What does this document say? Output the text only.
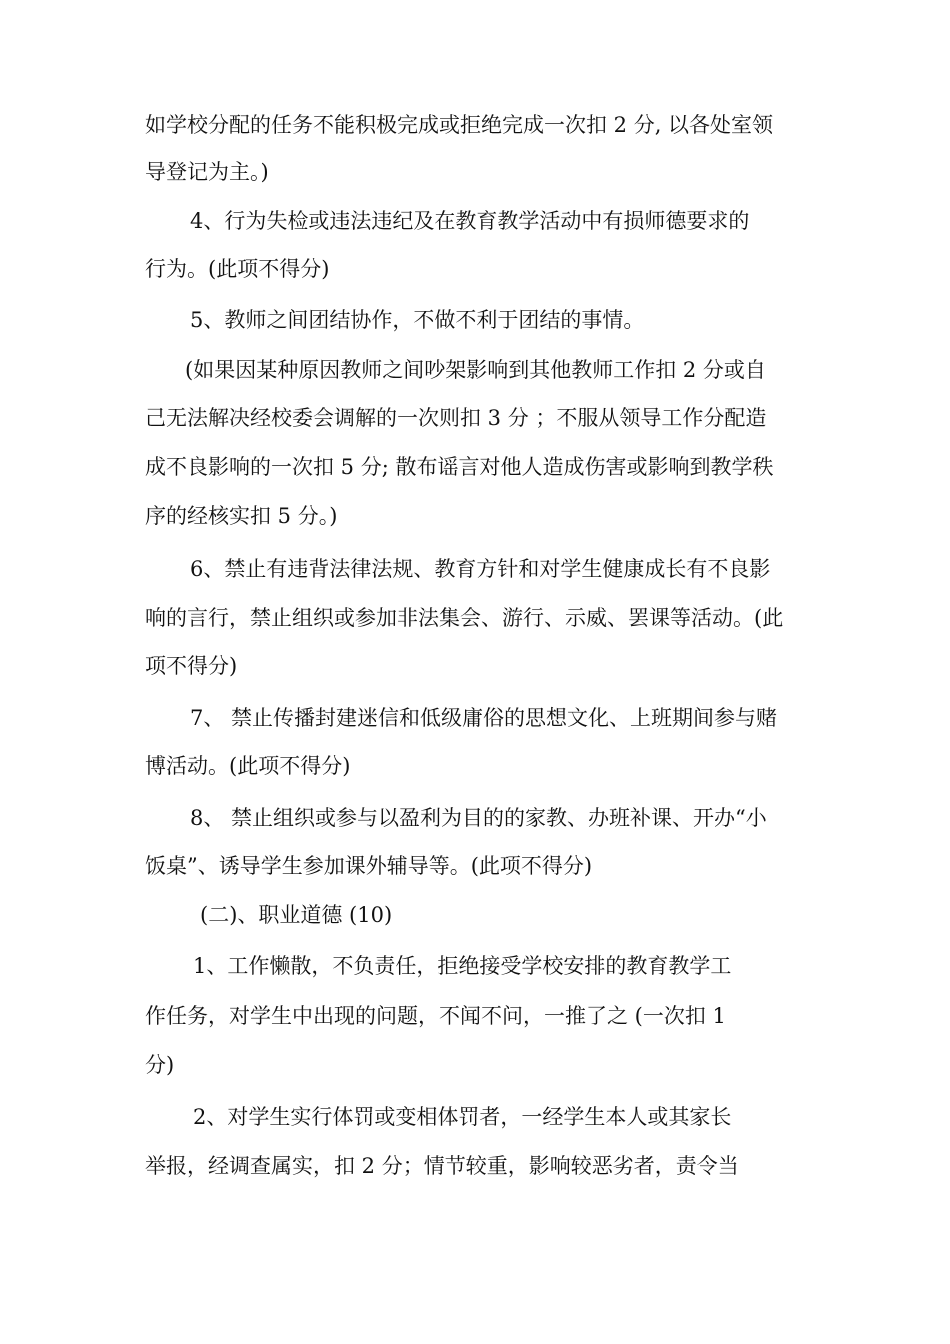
如学校分配的任务不能积极完成或拒绝完成一次扣 2 分, 以各处室领
导登记为主。)
4、行为失检或违法违纪及在教育教学活动中有损师德要求的
行为。(此项不得分)
5、教师之间团结协作，不做不利于团结的事情。
(如果因某种原因教师之间吵架影响到其他教师工作扣 2 分或自
己无法解决经校委会调解的一次则扣 3 分 ；不服从领导工作分配造
成不良影响的一次扣 5 分; 散布谣言对他人造成伤害或影响到教学秩
序的经核实扣 5 分。)
6、禁止有违背法律法规、教育方针和对学生健康成长有不良影
响的言行，禁止组织或参加非法集会、游行、示威、罢课等活动。(此
项不得分)
7、 禁止传播封建迷信和低级庸俗的思想文化、上班期间参与赌
博活动。(此项不得分)
8、 禁止组织或参与以盈利为目的的家教、办班补课、开办“小
饭桌”、诱导学生参加课外辅导等。(此项不得分)
(二)、职业道德 (10)
1、工作懒散，不负责任，拒绝接受学校安排的教育教学工
作任务，对学生中出现的问题，不闻不问，一推了之 (一次扣 1
分)
2、对学生实行体罚或变相体罚者，一经学生本人或其家长
举报，经调查属实，扣 2 分；情节较重，影响较恶劣者，责令当
